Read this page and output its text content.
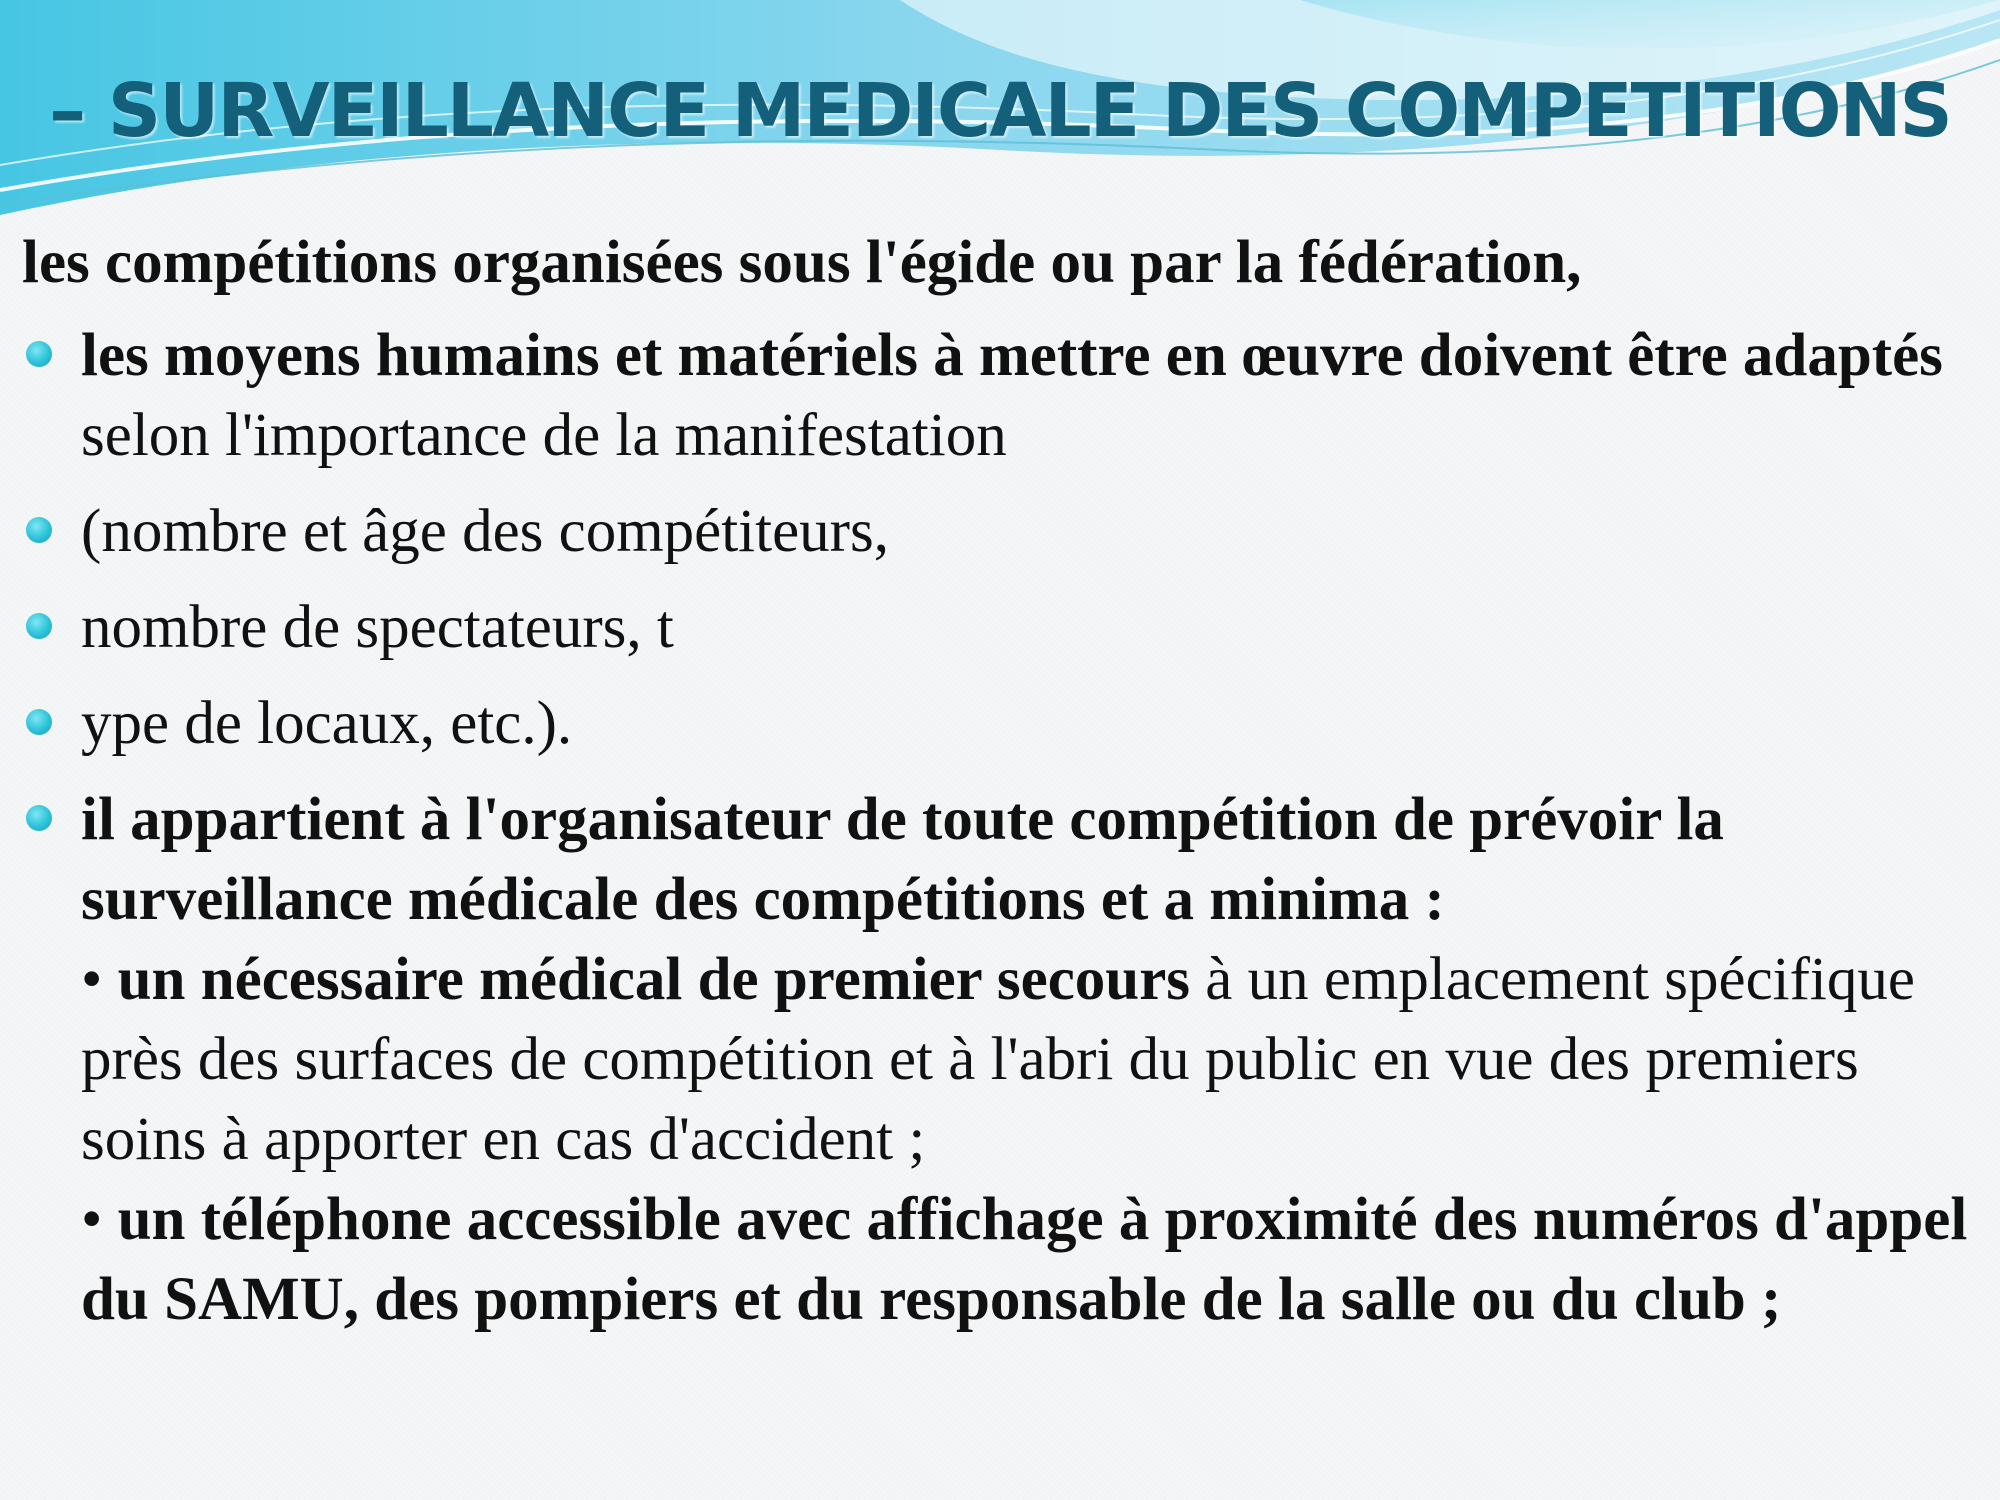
– SURVEILLANCE MEDICALE DES COMPETITIONS

les compétitions organisées sous l'égide ou par la fédération,

les moyens humains et matériels à mettre en œuvre doivent être adaptés selon l'importance de la manifestation
(nombre et âge des compétiteurs,
nombre de spectateurs, t
ype de locaux, etc.).
il appartient à l'organisateur de toute compétition de prévoir la surveillance médicale des compétitions et a minima :
• un nécessaire médical de premier secours à un emplacement spécifique près des surfaces de compétition et à l'abri du public en vue des premiers soins à apporter en cas d'accident ;
• un téléphone accessible avec affichage à proximité des numéros d'appel du SAMU, des pompiers et du responsable de la salle ou du club ;
